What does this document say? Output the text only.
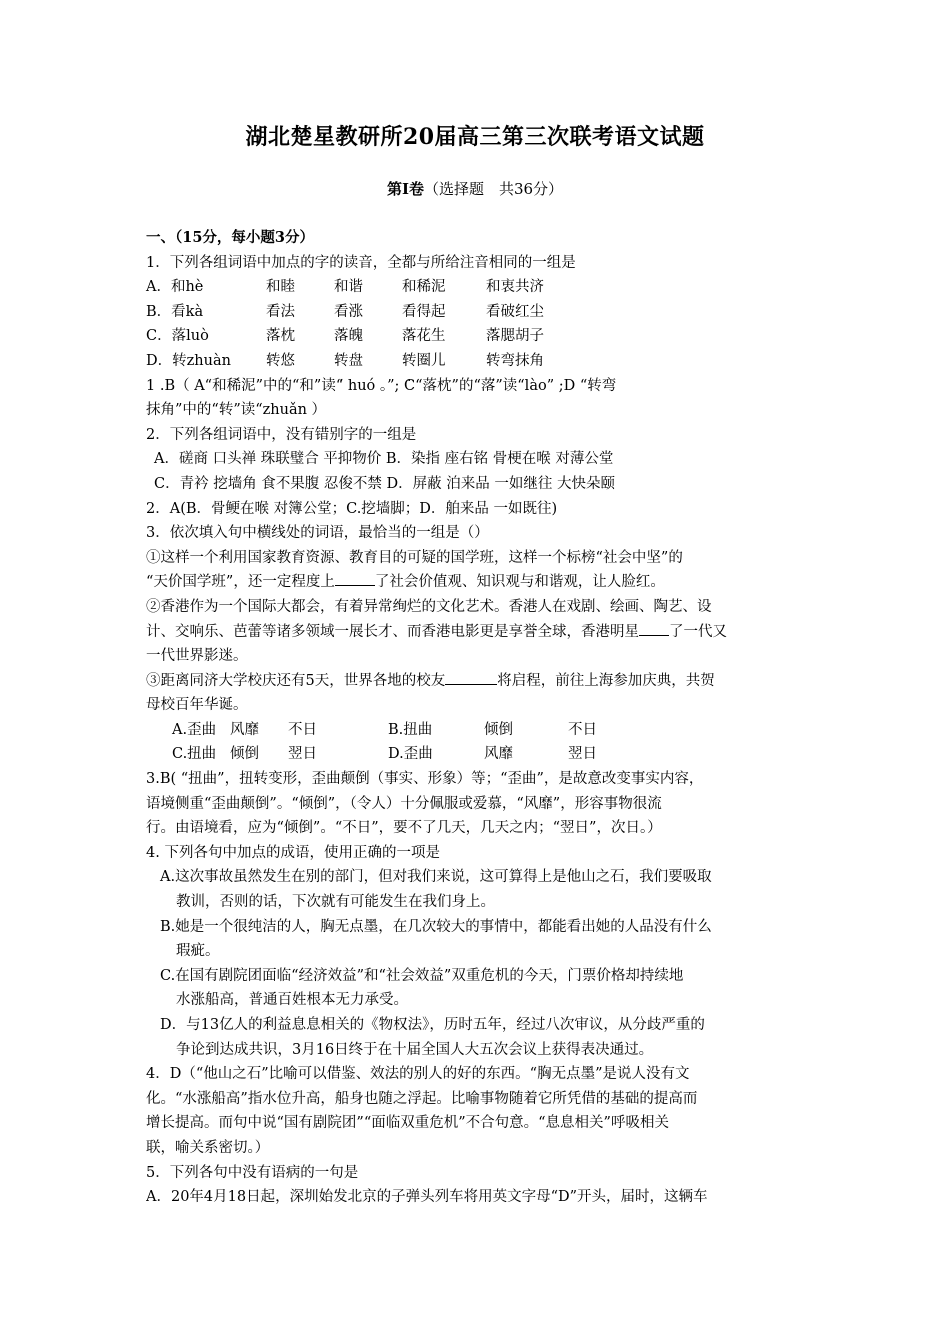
湖北楚星教研所20届高三第三次联考语文试题
第Ⅰ卷（选择题　共36分）
一、（15分，每小题3分）
1．下列各组词语中加点的字的读音，全都与所给注音相同的一组是
A．和hè	和睦	和谐	和稀泥	和衷共济
B．看kà	看法	看涨	看得起	看破红尘
C．落luò	落枕	落魄	落花生	落腮胡子
D．转zhuàn	转悠	转盘	转圈儿	转弯抹角
1 .B（ A“和稀泥”中的“和”读“ huó 。”; C“落枕”的“落”读“lào” ;D “转弯
抹角”中的“转”读“zhuǎn ）
2．下列各组词语中，没有错别字的一组是
A．磋商 口头禅 珠联璧合 平抑物价 B．染指 座右铭 骨梗在喉 对薄公堂
C．青衿 挖墙角 食不果腹 忍俊不禁 D．屏蔽 泊来品 一如继往 大快朵颐
2．A(B．骨鲠在喉 对簿公堂；C.挖墙脚；D．舶来品 一如既往)
3．依次填入句中横线处的词语，最恰当的一组是（）
①这样一个利用国家教育资源、教育目的可疑的国学班，这样一个标榜“社会中坚”的
“天价国学班”，还一定程度上	了社会价值观、知识观与和谐观，让人脸红。
②香港作为一个国际大都会，有着异常绚烂的文化艺术。香港人在戏剧、绘画、陶艺、设
计、交响乐、芭蕾等诸多领域一展长才、而香港电影更是享誉全球，香港明星 了一代又
一代世界影迷。
③距离同济大学校庆还有5天，世界各地的校友	将启程，前往上海参加庆典，共贺
母校百年华诞。
A.歪曲 风靡	不日	B.扭曲	倾倒	不日
C.扭曲 倾倒	翌日	D.歪曲	风靡	翌日
3.B( “扭曲”，扭转变形，歪曲颠倒（事实、形象）等；“歪曲”，是故意改变事实内容，
语境侧重“歪曲颠倒”。“倾倒”，（令人）十分佩服或爱慕，“风靡”，形容事物很流
行。由语境看，应为“倾倒”。“不日”，要不了几天，几天之内；“翌日”，次日。）
4. 下列各句中加点的成语，使用正确的一项是
A.这次事故虽然发生在别的部门，但对我们来说，这可算得上是他山之石，我们要吸取
教训，否则的话，下次就有可能发生在我们身上。
B.她是一个很纯洁的人，胸无点墨，在几次较大的事情中，都能看出她的人品没有什么
瑕疵。
C.在国有剧院团面临“经济效益”和“社会效益”双重危机的今天，门票价格却持续地
水涨船高，普通百姓根本无力承受。
D．与13亿人的利益息息相关的《物权法》，历时五年，经过八次审议，从分歧严重的
争论到达成共识，3月16日终于在十届全国人大五次会议上获得表决通过。
4．D（“他山之石”比喻可以借鉴、效法的别人的好的东西。“胸无点墨”是说人没有文
化。“水涨船高”指水位升高，船身也随之浮起。比喻事物随着它所凭借的基础的提高而
增长提高。而句中说“国有剧院团”“面临双重危机”不合句意。“息息相关”呼吸相关
联，喻关系密切。）
5．下列各句中没有语病的一句是
A．20年4月18日起，深圳始发北京的子弹头列车将用英文字母“D”开头，届时，这辆车
